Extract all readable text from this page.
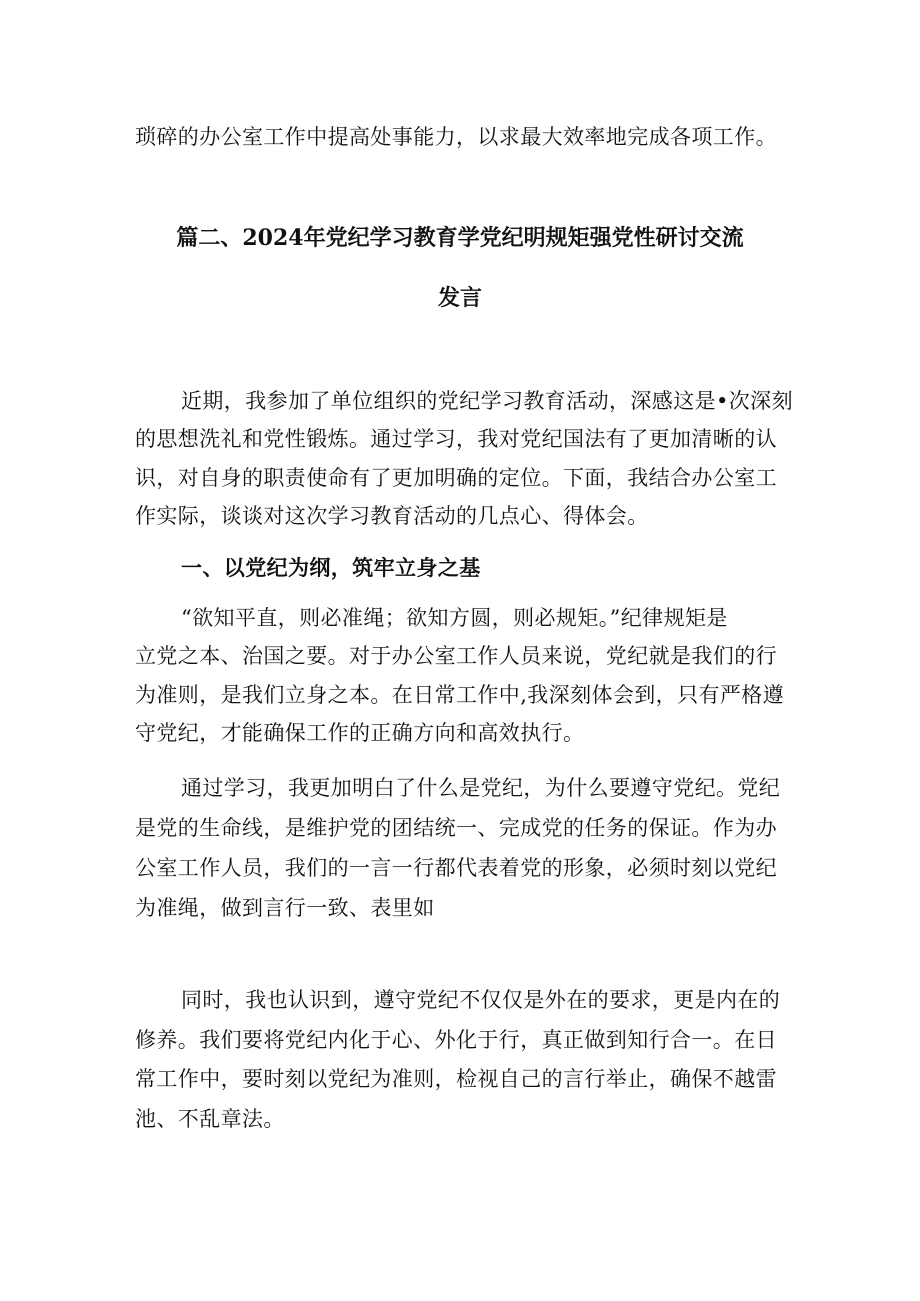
琐碎的办公室工作中提高处事能力，以求最大效率地完成各项工作。
篇二、2024年党纪学习教育学党纪明规矩强党性研讨交流
发言
近期，我参加了单位组织的党纪学习教育活动，深感这是•次深刻
的思想洗礼和党性锻炼。通过学习，我对党纪国法有了更加清晰的认
识，对自身的职责使命有了更加明确的定位。下面，我结合办公室工
作实际，谈谈对这次学习教育活动的几点心、得体会。
一、以党纪为纲，筑牢立身之基
“欲知平直，则必准绳；欲知方圆，则必规矩。”纪律规矩是
立党之本、治国之要。对于办公室工作人员来说，党纪就是我们的行
为准则，是我们立身之本。在日常工作中,我深刻体会到，只有严格遵
守党纪，才能确保工作的正确方向和高效执行。
通过学习，我更加明白了什么是党纪，为什么要遵守党纪。党纪
是党的生命线，是维护党的团结统一、完成党的任务的保证。作为办
公室工作人员，我们的一言一行都代表着党的形象，必须时刻以党纪
为准绳，做到言行一致、表里如
同时，我也认识到，遵守党纪不仅仅是外在的要求，更是内在的
修养。我们要将党纪内化于心、外化于行，真正做到知行合一。在日
常工作中，要时刻以党纪为准则，检视自己的言行举止，确保不越雷
池、不乱章法。
